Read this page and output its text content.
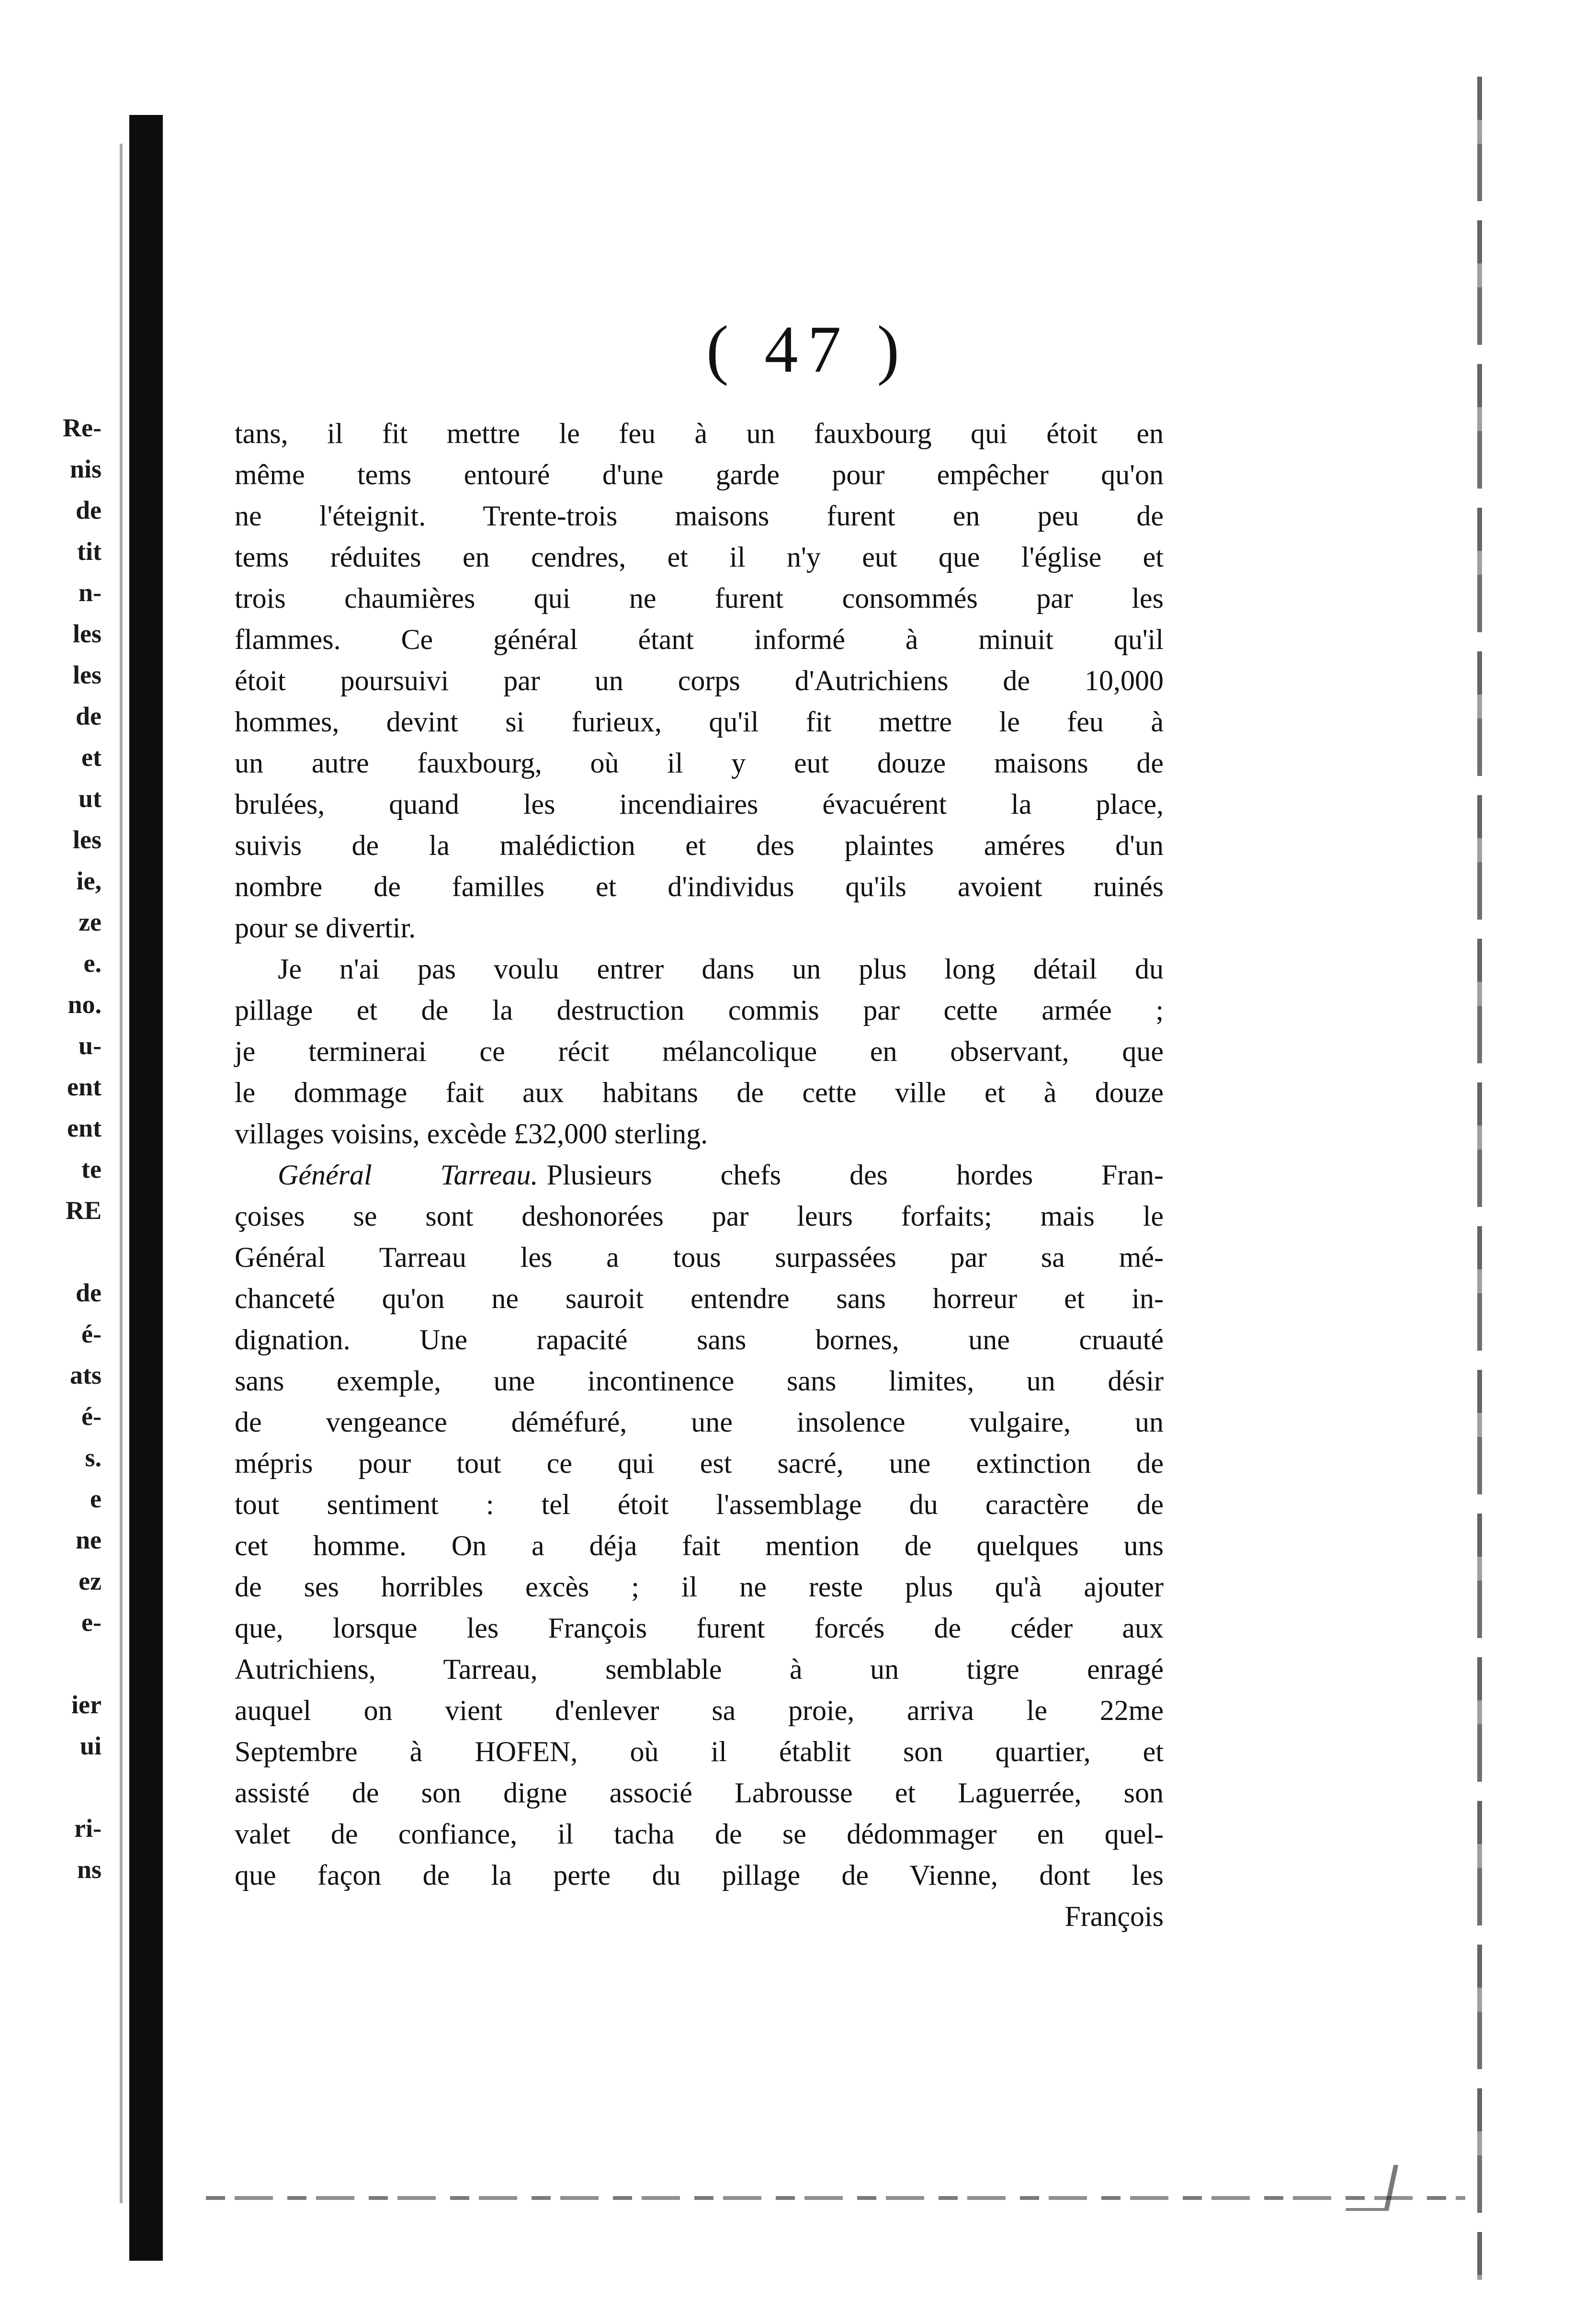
Re-
nis
de
tit
n-
les
les
de
et
ut
les
ie,
ze
e.
no.
u-
ent
ent
te
RE
de
é-
ats
é-
s.
e
ne
ez
e-
ier
ui
ri-
ns
( 47 )
tans, il fit mettre le feu à un fauxbourg qui étoit en
même tems entouré d'une garde pour empêcher qu'on
ne l'éteignit. Trente-trois maisons furent en peu de
tems réduites en cendres, et il n'y eut que l'église et
trois chaumières qui ne furent consommés par les
flammes. Ce général étant informé à minuit qu'il
étoit poursuivi par un corps d'Autrichiens de 10,000
hommes, devint si furieux, qu'il fit mettre le feu à
un autre fauxbourg, où il y eut douze maisons de
brulées, quand les incendiaires évacuérent la place,
suivis de la malédiction et des plaintes améres d'un
nombre de familles et d'individus qu'ils avoient ruinés
pour se divertir.
Je n'ai pas voulu entrer dans un plus long détail du
pillage et de la destruction commis par cette armée ;
je terminerai ce récit mélancolique en observant, que
le dommage fait aux habitans de cette ville et à douze
villages voisins, excède £32,000 sterling.
Général Tarreau. Plusieurs chefs des hordes Fran-
çoises se sont deshonorées par leurs forfaits; mais le
Général Tarreau les a tous surpassées par sa mé-
chanceté qu'on ne sauroit entendre sans horreur et in-
dignation. Une rapacité sans bornes, une cruauté
sans exemple, une incontinence sans limites, un désir
de vengeance déméfuré, une insolence vulgaire, un
mépris pour tout ce qui est sacré, une extinction de
tout sentiment : tel étoit l'assemblage du caractère de
cet homme. On a déja fait mention de quelques uns
de ses horribles excès ; il ne reste plus qu'à ajouter
que, lorsque les François furent forcés de céder aux
Autrichiens, Tarreau, semblable à un tigre enragé
auquel on vient d'enlever sa proie, arriva le 22me
Septembre à HOFEN, où il établit son quartier, et
assisté de son digne associé Labrousse et Laguerrée, son
valet de confiance, il tacha de se dédommager en quel-
que façon de la perte du pillage de Vienne, dont les
François
